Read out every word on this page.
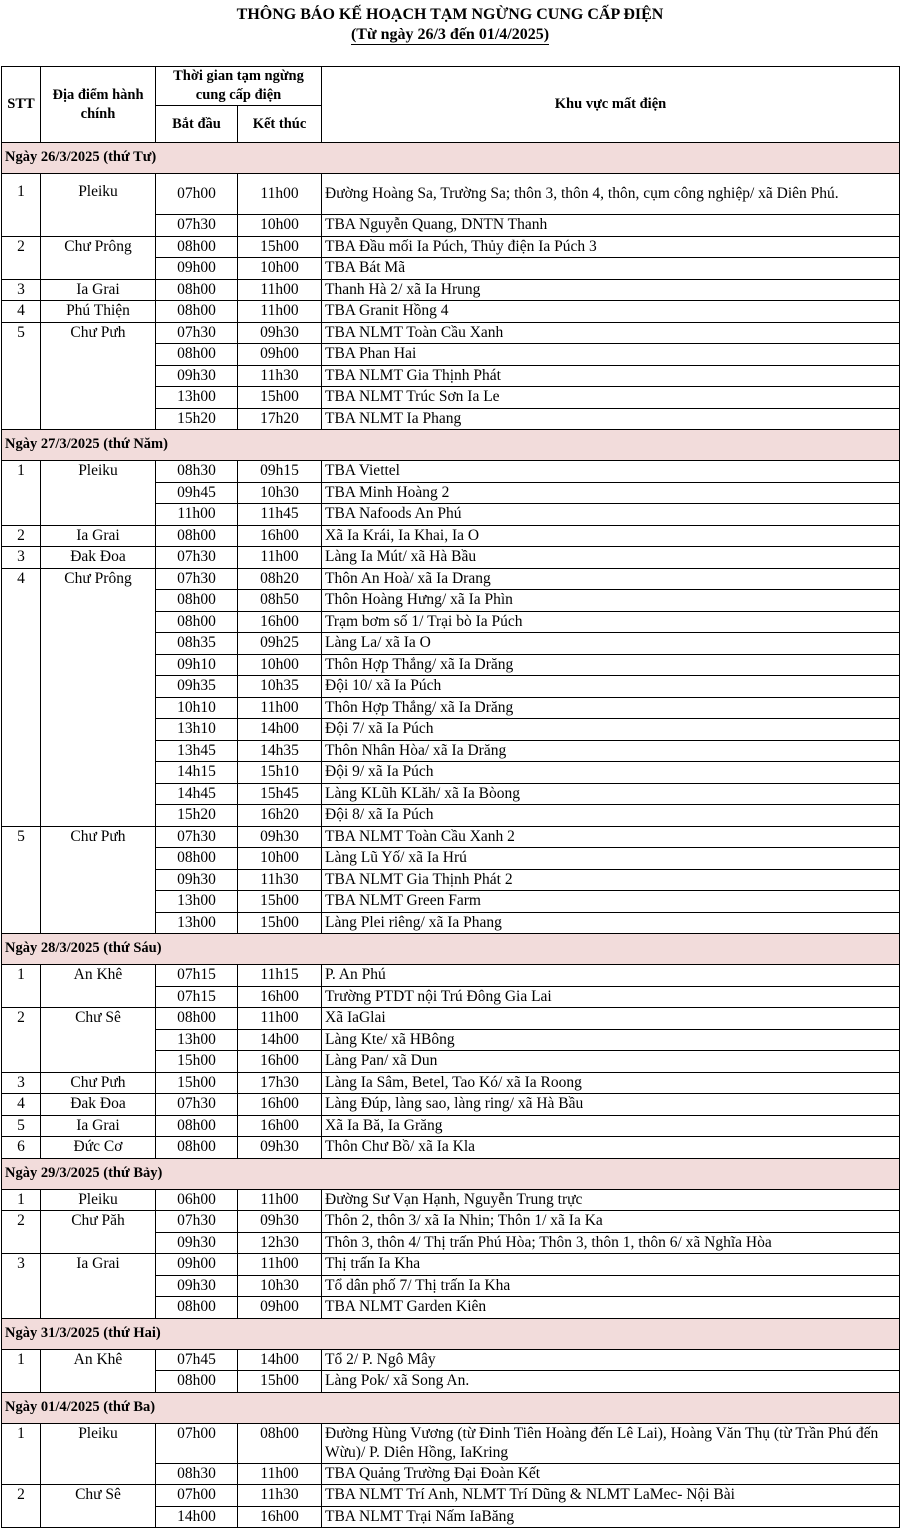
THÔNG BÁO KẾ HOẠCH TẠM NGỪNG CUNG CẤP ĐIỆN
(Từ ngày 26/3 đến 01/4/2025)
STT	Địa điểm hành chính	Thời gian tạm ngừng cung cấp điện		Khu vực mất điện
		Bắt đầu	Kết thúc	
Ngày 26/3/2025 (thứ Tư)				
1	Pleiku	07h00	11h00	Đường Hoàng Sa, Trường Sa; thôn 3, thôn 4, thôn, cụm công nghiệp/ xã Diên Phú.
		07h30	10h00	TBA Nguyễn Quang, DNTN Thanh
2	Chư Prông	08h00	15h00	TBA Đầu mối Ia Púch, Thủy điện Ia Púch 3
		09h00	10h00	TBA Bát Mã
3	Ia Grai	08h00	11h00	Thanh Hà 2/ xã Ia Hrung
4	Phú Thiện	08h00	11h00	TBA Granit Hồng 4
5	Chư Pưh	07h30	09h30	TBA NLMT Toàn Cầu Xanh
		08h00	09h00	TBA Phan Hai
		09h30	11h30	TBA NLMT Gia Thịnh Phát
		13h00	15h00	TBA NLMT Trúc Sơn Ia Le
		15h20	17h20	TBA NLMT Ia Phang
Ngày 27/3/2025 (thứ Năm)				
1	Pleiku	08h30	09h15	TBA Viettel
		09h45	10h30	TBA Minh Hoàng 2
		11h00	11h45	TBA Nafoods An Phú
2	Ia Grai	08h00	16h00	Xã Ia Krái, Ia Khai, Ia O
3	Đak Đoa	07h30	11h00	Làng Ia Mút/ xã Hà Bầu
4	Chư Prông	07h30	08h20	Thôn An Hoà/ xã Ia Drang
		08h00	08h50	Thôn Hoàng Hưng/ xã Ia Phìn
		08h00	16h00	Trạm bơm số 1/ Trại bò Ia Púch
		08h35	09h25	Làng La/ xã Ia O
		09h10	10h00	Thôn Hợp Thắng/ xã Ia Drăng
		09h35	10h35	Đội 10/ xã Ia Púch
		10h10	11h00	Thôn Hợp Thắng/ xã Ia Drăng
		13h10	14h00	Đội 7/ xã Ia Púch
		13h45	14h35	Thôn Nhân Hòa/ xã Ia Drăng
		14h15	15h10	Đội 9/ xã Ia Púch
		14h45	15h45	Làng KLũh KLăh/ xã Ia Bòong
		15h20	16h20	Đội 8/ xã Ia Púch
5	Chư Pưh	07h30	09h30	TBA NLMT Toàn Cầu Xanh 2
		08h00	10h00	Làng Lũ Yố/ xã Ia Hrú
		09h30	11h30	TBA NLMT Gia Thịnh Phát 2
		13h00	15h00	TBA NLMT Green Farm
		13h00	15h00	Làng Plei riêng/ xã Ia Phang
Ngày 28/3/2025 (thứ Sáu)				
1	An Khê	07h15	11h15	P. An Phú
		07h15	16h00	Trường PTDT nội Trú Đông Gia Lai
2	Chư Sê	08h00	11h00	Xã IaGlai
		13h00	14h00	Làng Kte/ xã HBông
		15h00	16h00	Làng Pan/ xã Dun
3	Chư Pưh	15h00	17h30	Làng Ia Sâm, Betel, Tao Kó/ xã Ia Roong
4	Đak Đoa	07h30	16h00	Làng Đúp, làng sao, làng ring/ xã Hà Bầu
5	Ia Grai	08h00	16h00	Xã Ia Bă, Ia Grăng
6	Đức Cơ	08h00	09h30	Thôn Chư Bồ/ xã Ia Kla
Ngày 29/3/2025 (thứ Bảy)				
1	Pleiku	06h00	11h00	Đường Sư Vạn Hạnh, Nguyễn Trung trực
2	Chư Păh	07h30	09h30	Thôn 2, thôn 3/ xã Ia Nhin; Thôn 1/ xã Ia Ka
		09h30	12h30	Thôn 3, thôn 4/ Thị trấn Phú Hòa; Thôn 3, thôn 1, thôn 6/ xã Nghĩa Hòa
3	Ia Grai	09h00	11h00	Thị trấn Ia Kha
		09h30	10h30	Tổ dân phố 7/ Thị trấn Ia Kha
		08h00	09h00	TBA NLMT Garden Kiên
Ngày 31/3/2025 (thứ Hai)				
1	An Khê	07h45	14h00	Tổ 2/ P. Ngô Mây
		08h00	15h00	Làng Pok/ xã Song An.
Ngày 01/4/2025 (thứ Ba)				
1	Pleiku	07h00	08h00	Đường Hùng Vương (từ Đinh Tiên Hoàng đến Lê Lai), Hoàng Văn Thụ (từ Trần Phú đến Wừu)/ P. Diên Hồng, IaKring
		08h30	11h00	TBA Quảng Trường Đại Đoàn Kết
2	Chư Sê	07h00	11h30	TBA NLMT Trí Anh, NLMT Trí Dũng & NLMT LaMec- Nội Bài
		14h00	16h00	TBA NLMT Trại Nấm IaBăng
